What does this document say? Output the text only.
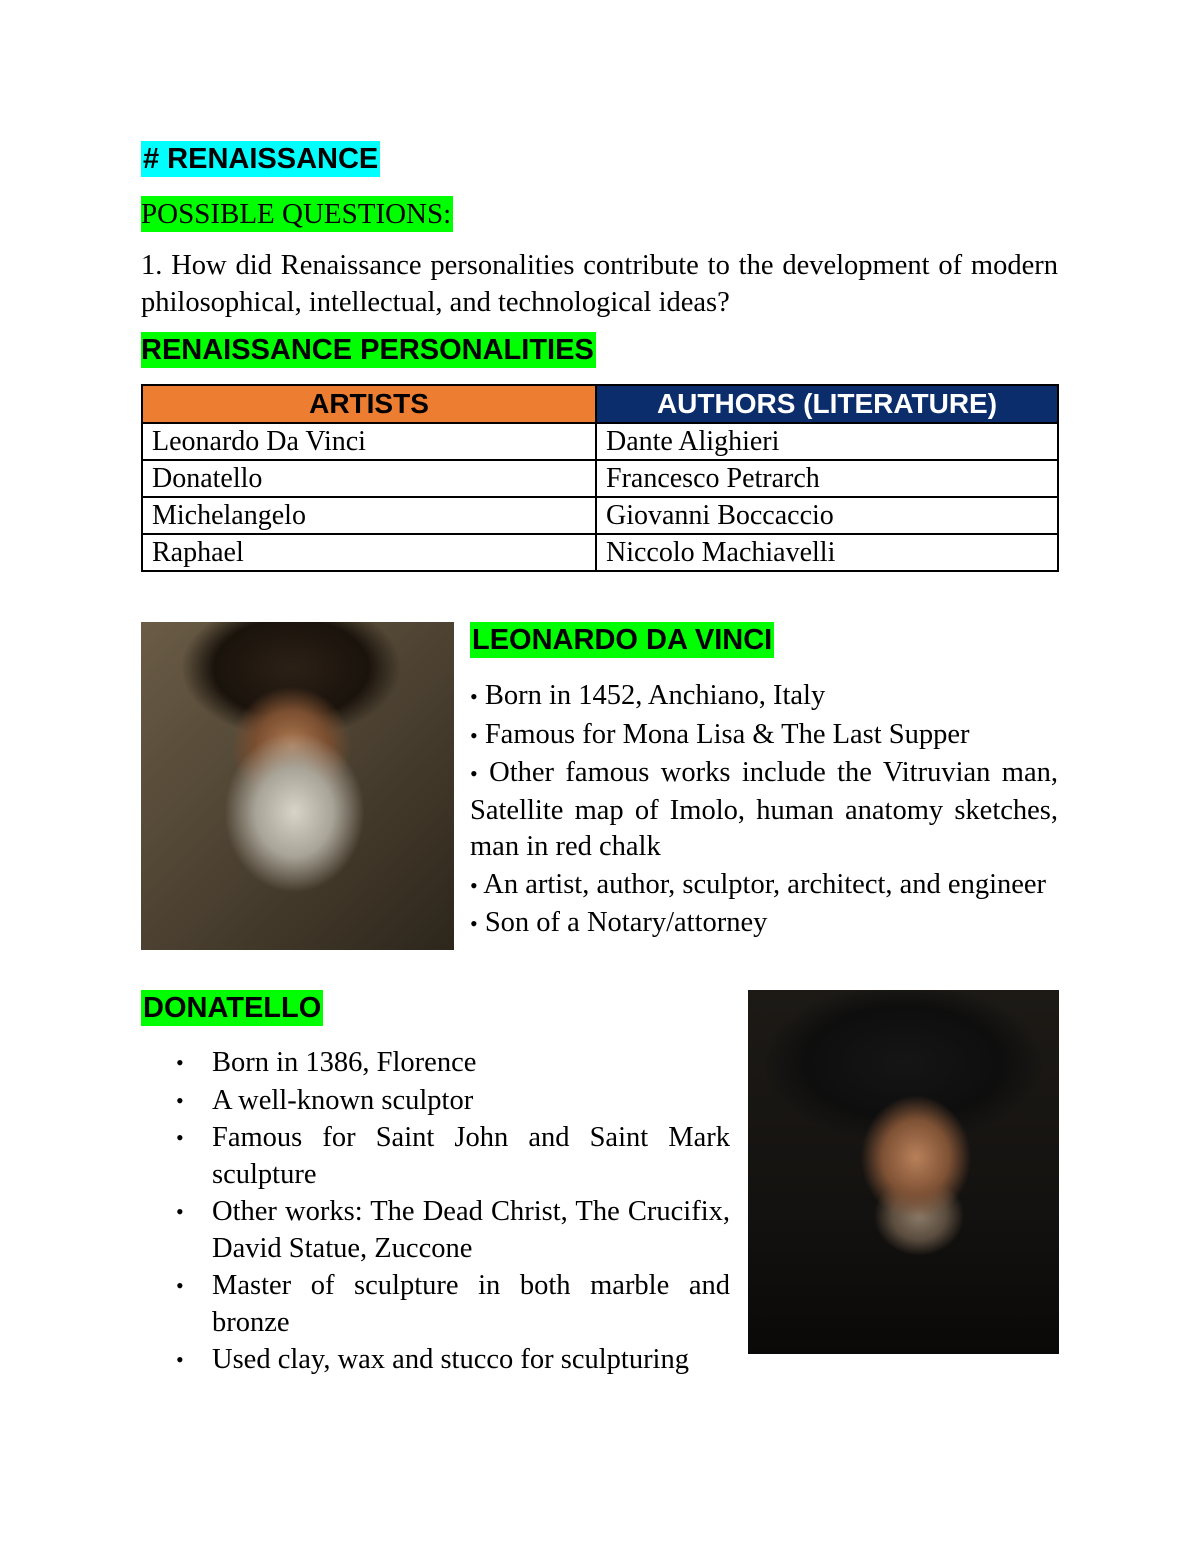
# RENAISSANCE
POSSIBLE QUESTIONS:
1. How did Renaissance personalities contribute to the development of modern philosophical, intellectual, and technological ideas?
RENAISSANCE PERSONALITIES
ARTISTS	AUTHORS (LITERATURE)
Leonardo Da Vinci	Dante Alighieri
Donatello	Francesco Petrarch
Michelangelo	Giovanni Boccaccio
Raphael	Niccolo Machiavelli
LEONARDO DA VINCI
• Born in 1452, Anchiano, Italy
• Famous for Mona Lisa & The Last Supper
• Other famous works include the Vitruvian man, Satellite map of Imolo, human anatomy sketches, man in red chalk
• An artist, author, sculptor, architect, and engineer
• Son of a Notary/attorney
DONATELLO
• Born in 1386, Florence
• A well-known sculptor
• Famous for Saint John and Saint Mark sculpture
• Other works: The Dead Christ, The Crucifix, David Statue, Zuccone
• Master of sculpture in both marble and bronze
• Used clay, wax and stucco for sculpturing
